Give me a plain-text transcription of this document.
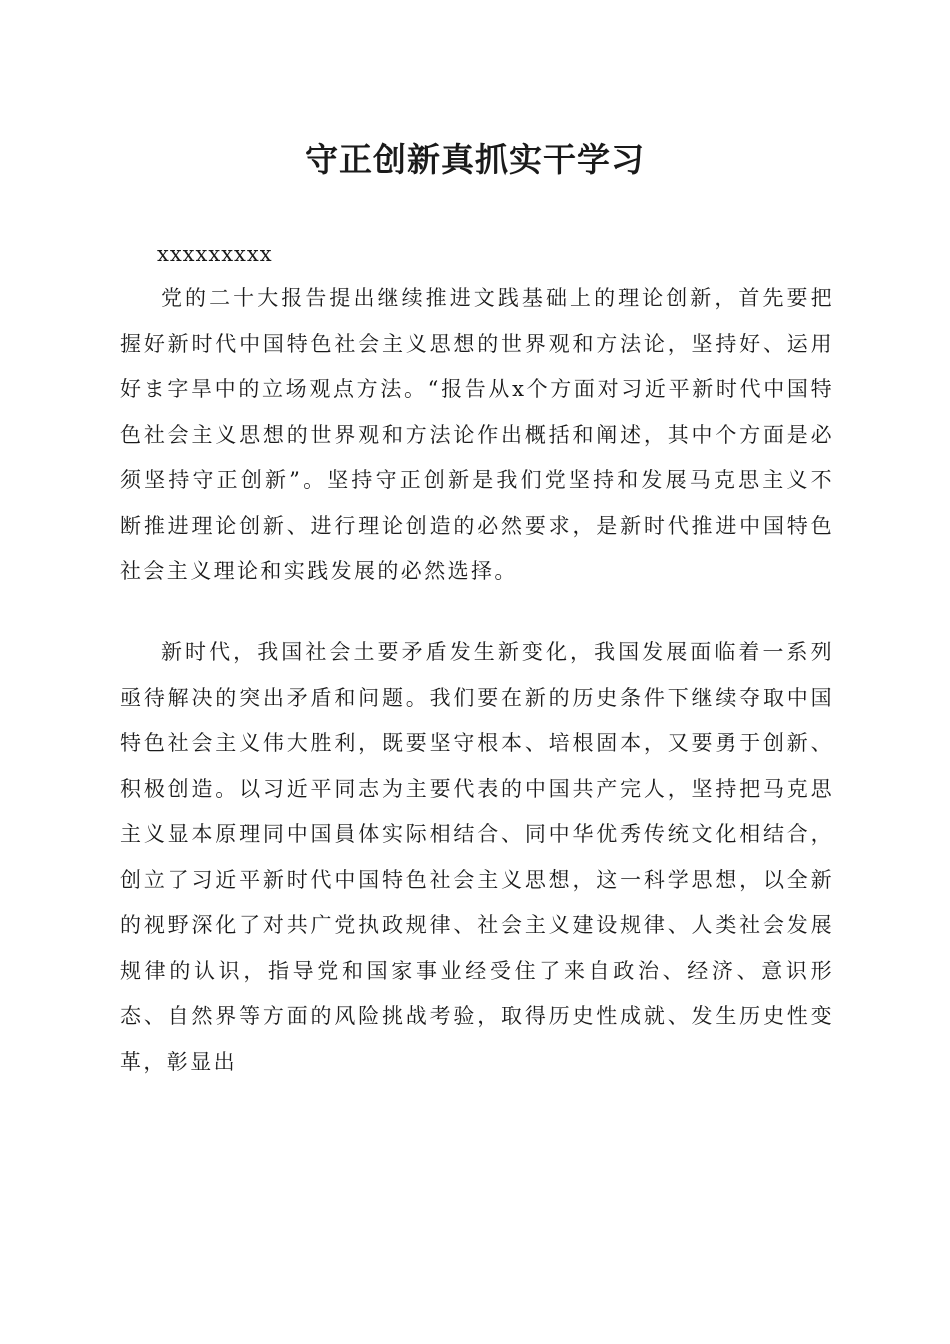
守正创新真抓实干学习
xxxxxxxxx

党的二十大报告提出继续推进文践基础上的理论创新，首先要把握好新时代中国特色社会主义思想的世界观和方法论，坚持好、运用好ま字旱中的立场观点方法。“报告从x个方面对习近平新时代中国特色社会主义思想的世界观和方法论作出概括和阐述，其中个方面是必须坚持守正创新”。坚持守正创新是我们党坚持和发展马克思主义不断推进理论创新、进行理论创造的必然要求，是新时代推进中国特色社会主义理论和实践发展的必然选择。

新时代，我国社会土要矛盾发生新变化，我国发展面临着一系列亟待解决的突出矛盾和问题。我们要在新的历史条件下继续夺取中国特色社会主义伟大胜利，既要坚守根本、培根固本，又要勇于创新、积极创造。以习近平同志为主要代表的中国共产完人，坚持把马克思主义显本原理同中国員体实际相结合、同中华优秀传统文化相结合，创立了习近平新时代中国特色社会主义思想，这一科学思想，以全新的视野深化了对共广党执政规律、社会主义建设规律、人类社会发展规律的认识，指导党和国家事业经受住了来自政治、经济、意识形态、自然界等方面的风险挑战考验，取得历史性成就、发生历史性变革，彰显出
